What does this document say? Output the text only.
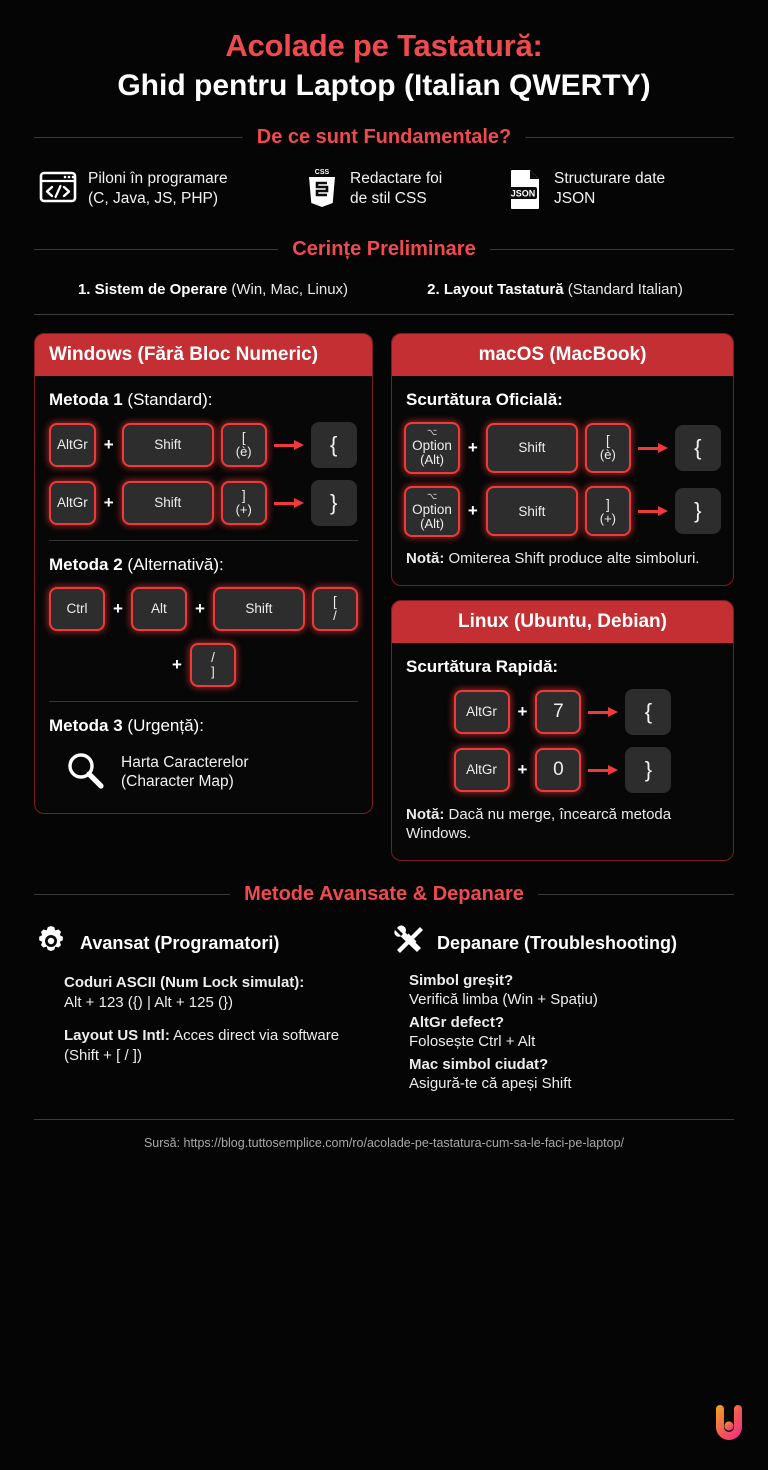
Acolade pe Tastatură:
Ghid pentru Laptop (Italian QWERTY)
De ce sunt Fundamentale?
Piloni în programare
(C, Java, JS, PHP)
CSS Redactare foi
de stil CSS	JSON
Structurare date
JSON
Cerințe Preliminare
1. Sistem de Operare (Win, Mac, Linux)	2. Layout Tastatură (Standard Italian)
Windows (Fără Bloc Numeric)
Metoda 1 (Standard):
AltGr +	Shift	[
(è)	{
AltGr +	Shift	]
(+)	}
Metoda 2 (Alternativă):
Ctrl + Alt +	Shift	[
/
+ /
]
Metoda 3 (Urgență):
Harta Caracterelor
(Character Map)
macOS (MacBook)
Scurtătura Oficială:
⌥
Option
(Alt)
+	Shift	[
(è)	{
⌥
Option
(Alt)
+	Shift	]
(+)	}
Notă: Omiterea Shift produce alte simboluri.
Linux (Ubuntu, Debian)
Scurtătura Rapidă:
AltGr + 7	{
AltGr + 0	}
Notă: Dacă nu merge, încearcă metoda Windows.
Metode Avansate & Depanare
Avansat (Programatori)
Coduri ASCII (Num Lock simulat):
Alt + 123 ({) | Alt + 125 (})
Layout US Intl: Acces direct via software (Shift + [ / ])
Depanare (Troubleshooting)
Simbol greșit?
Verifică limba (Win + Spațiu)
AltGr defect?
Folosește Ctrl + Alt
Mac simbol ciudat?
Asigură-te că apeși Shift
Sursă: https://blog.tuttosemplice.com/ro/acolade-pe-tastatura-cum-sa-le-faci-pe-laptop/
